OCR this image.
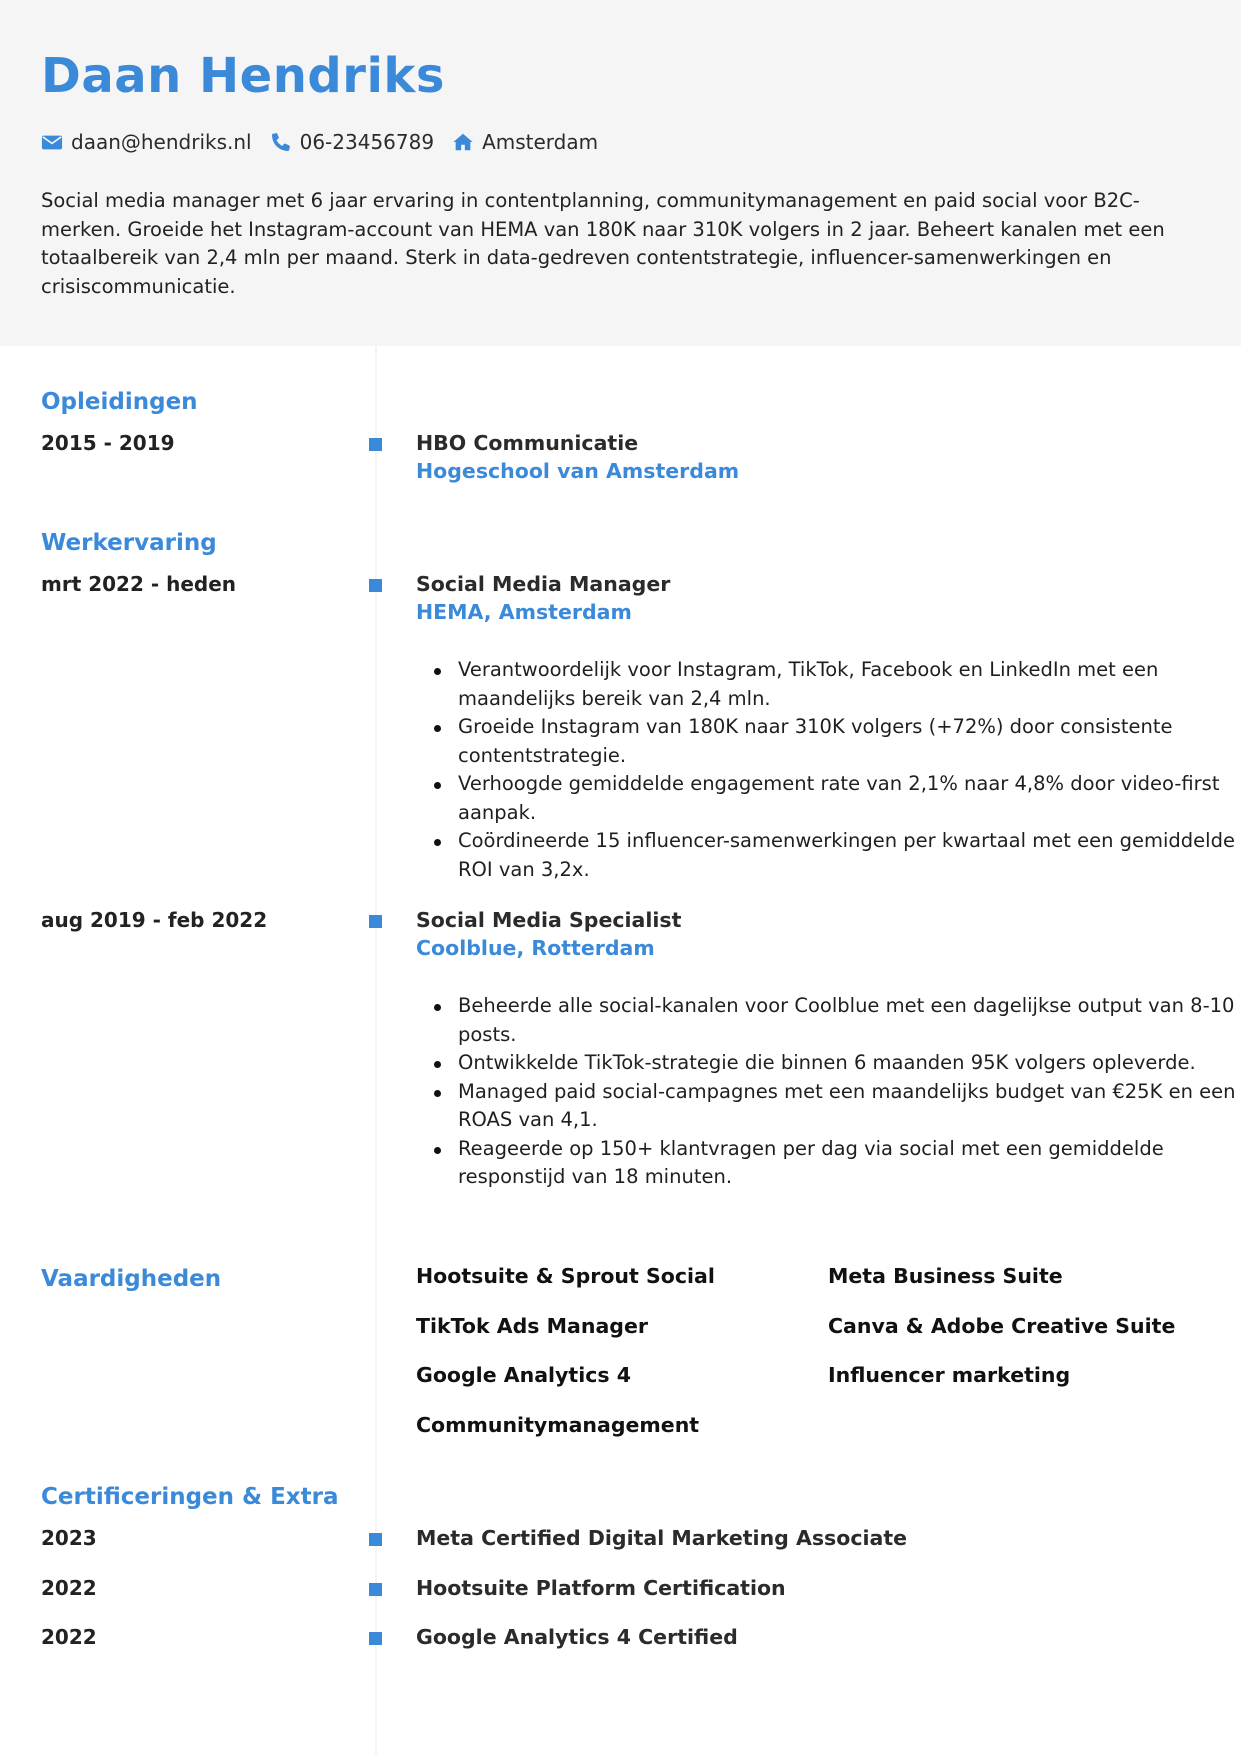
Daan Hendriks
daan@hendriks.nl 06-23456789 Amsterdam

Social media manager met 6 jaar ervaring in contentplanning, communitymanagement en paid social voor B2C-merken. Groeide het Instagram-account van HEMA van 180K naar 310K volgers in 2 jaar. Beheert kanalen met een totaalbereik van 2,4 mln per maand. Sterk in data-gedreven contentstrategie, influencer-samenwerkingen en crisiscommunicatie.

Opleidingen
2015 - 2019	HBO Communicatie
Hogeschool van Amsterdam
Werkervaring
mrt 2022 - heden	Social Media Manager
HEMA, Amsterdam
Verantwoordelijk voor Instagram, TikTok, Facebook en LinkedIn met een maandelijks bereik van 2,4 mln.
Groeide Instagram van 180K naar 310K volgers (+72%) door consistente contentstrategie.
Verhoogde gemiddelde engagement rate van 2,1% naar 4,8% door video-first aanpak.
Coördineerde 15 influencer-samenwerkingen per kwartaal met een gemiddelde ROI van 3,2x.
aug 2019 - feb 2022	Social Media Specialist
Coolblue, Rotterdam
Beheerde alle social-kanalen voor Coolblue met een dagelijkse output van 8-10 posts.
Ontwikkelde TikTok-strategie die binnen 6 maanden 95K volgers opleverde.
Managed paid social-campagnes met een maandelijks budget van €25K en een ROAS van 4,1.
Reageerde op 150+ klantvragen per dag via social met een gemiddelde responstijd van 18 minuten.
Vaardigheden	Hootsuite & Sprout Social	Meta Business Suite
TikTok Ads Manager	Canva & Adobe Creative Suite
Google Analytics 4	Influencer marketing
Communitymanagement
Certificeringen & Extra
2023	Meta Certified Digital Marketing Associate
2022	Hootsuite Platform Certification
2022	Google Analytics 4 Certified
